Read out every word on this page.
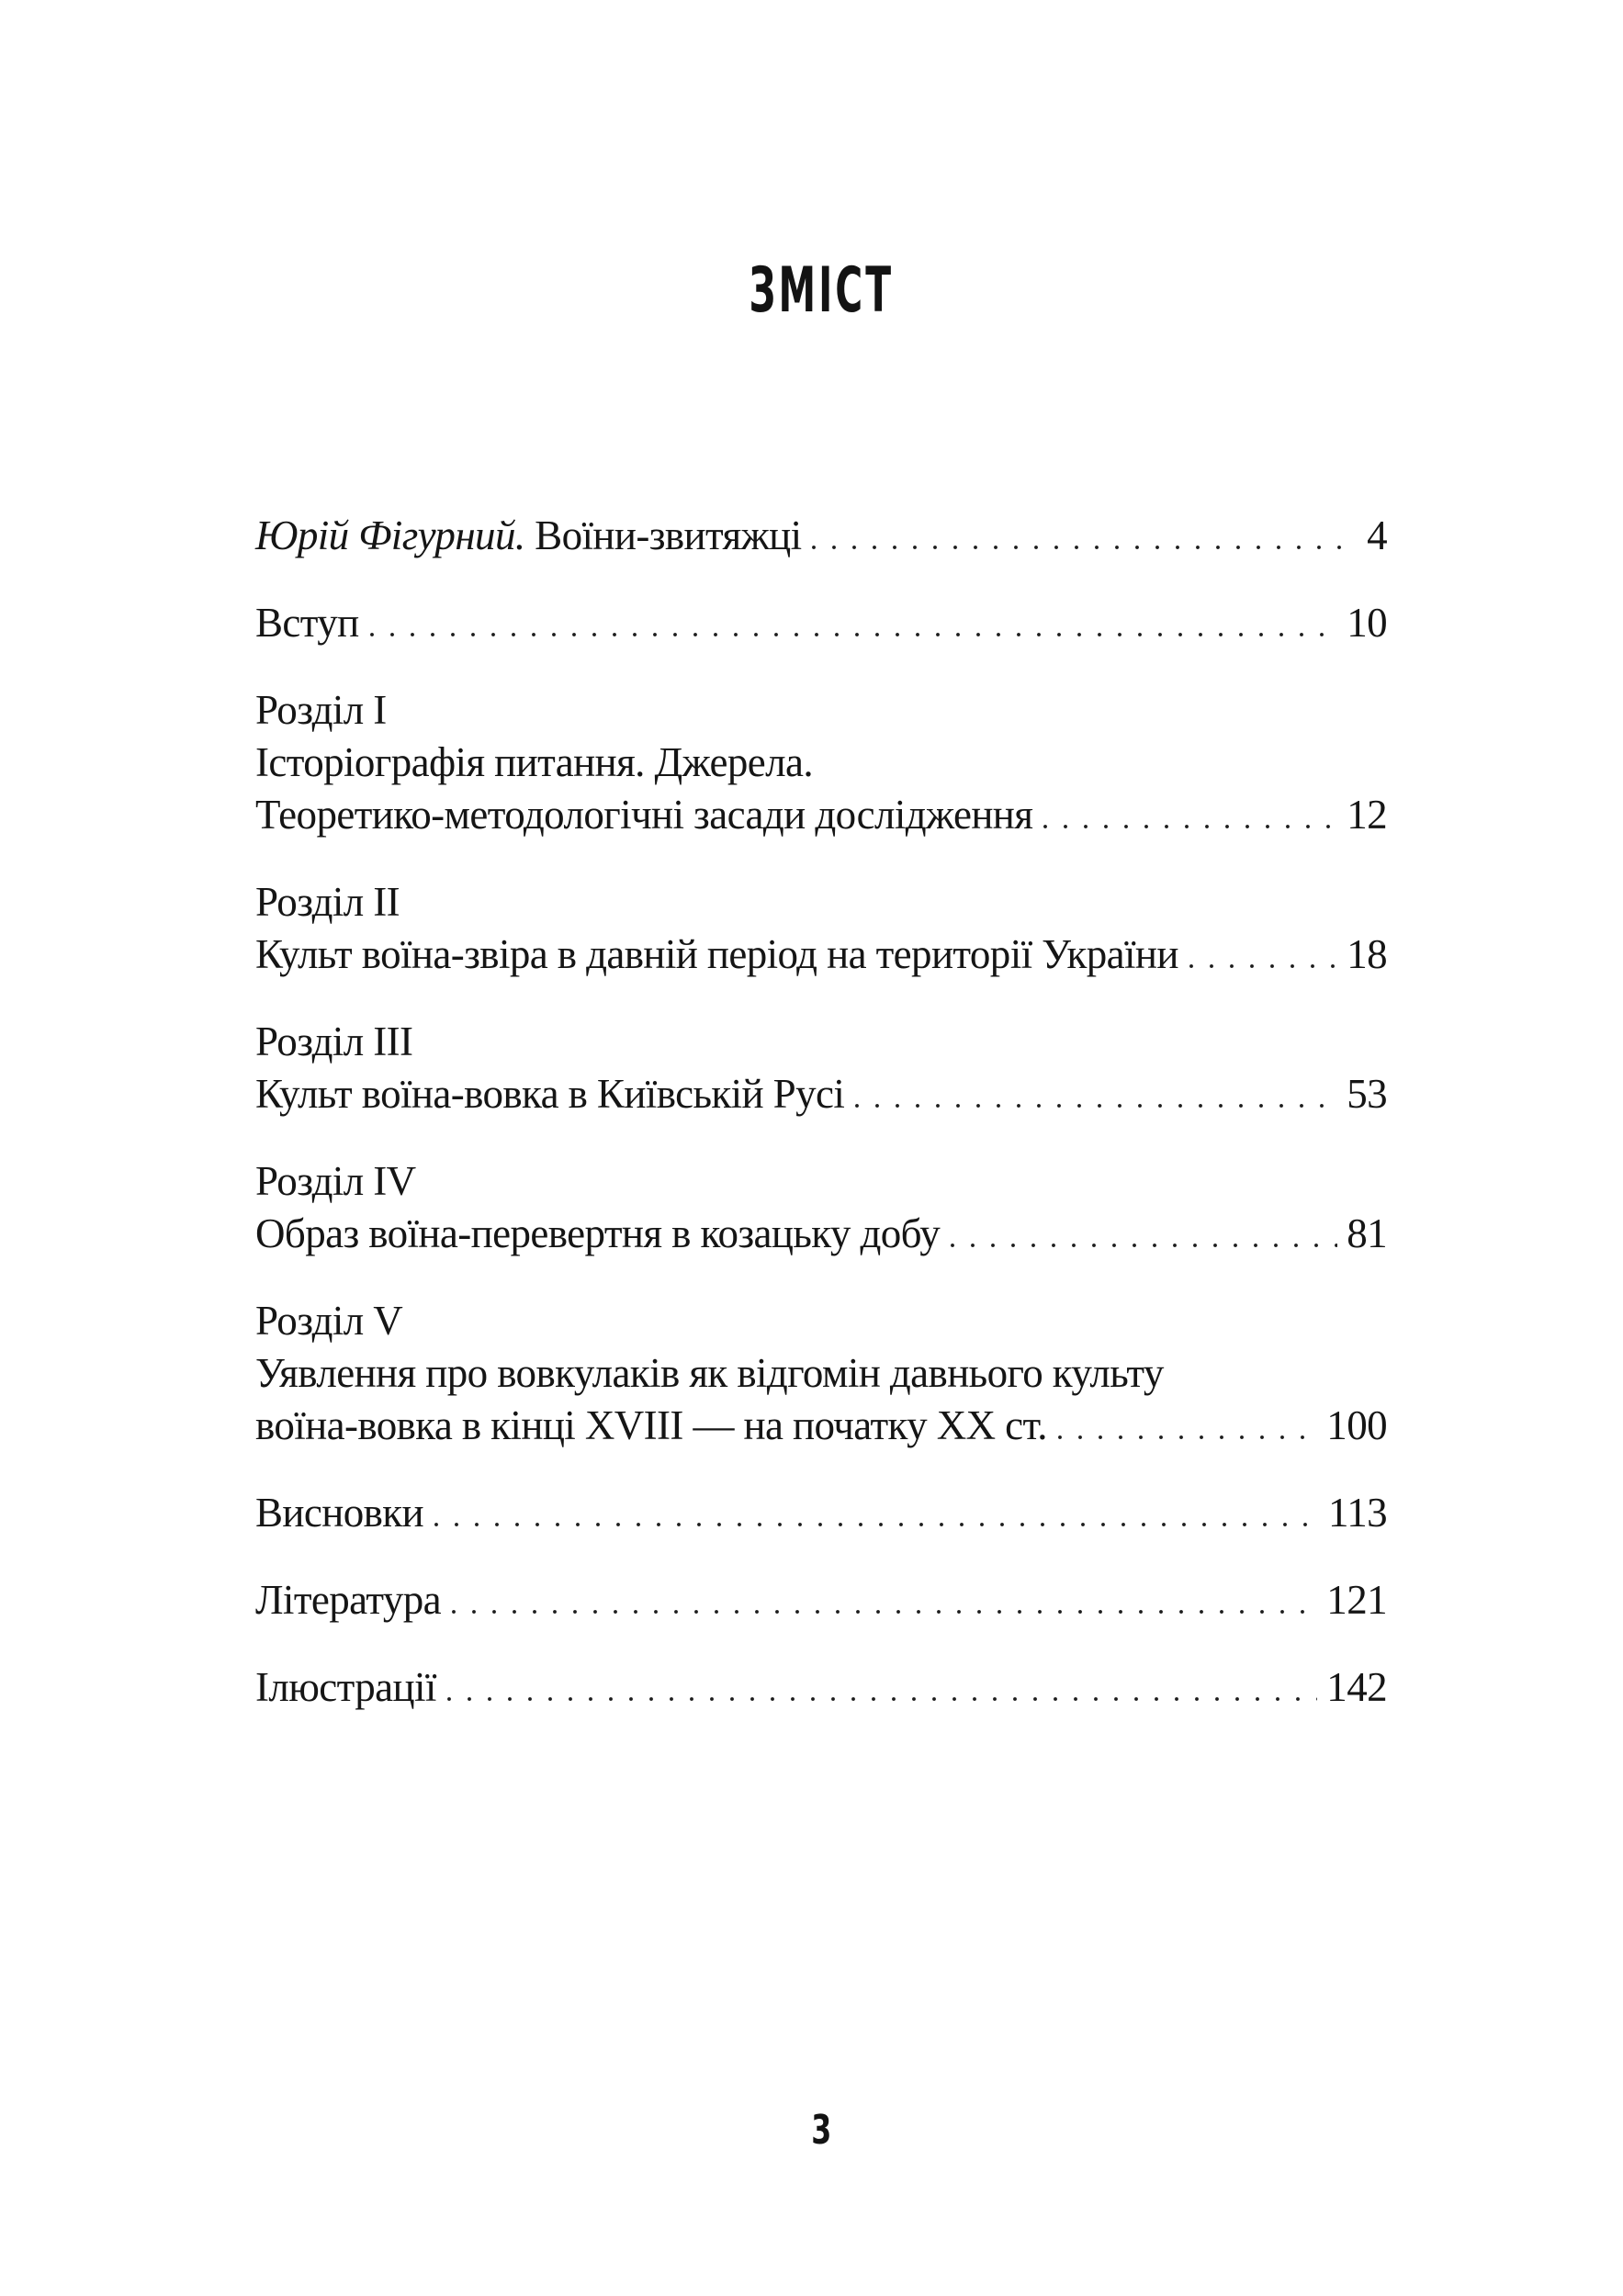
ЗМІСТ
Юрій Фігурний. Воїни-звитяжці	4
Вступ	10
Розділ I
Історіографія питання. Джерела.
Теоретико-методологічні засади дослідження	12
Розділ II
Культ воїна-звіра в давній період на території України	18
Розділ III
Культ воїна-вовка в Київській Русі	53
Розділ IV
Образ воїна-перевертня в козацьку добу	81
Розділ V
Уявлення про вовкулаків як відгомін давнього культу
воїна-вовка в кінці XVIII — на початку XX ст.	100
Висновки	113
Література	121
Ілюстрації	142
3
